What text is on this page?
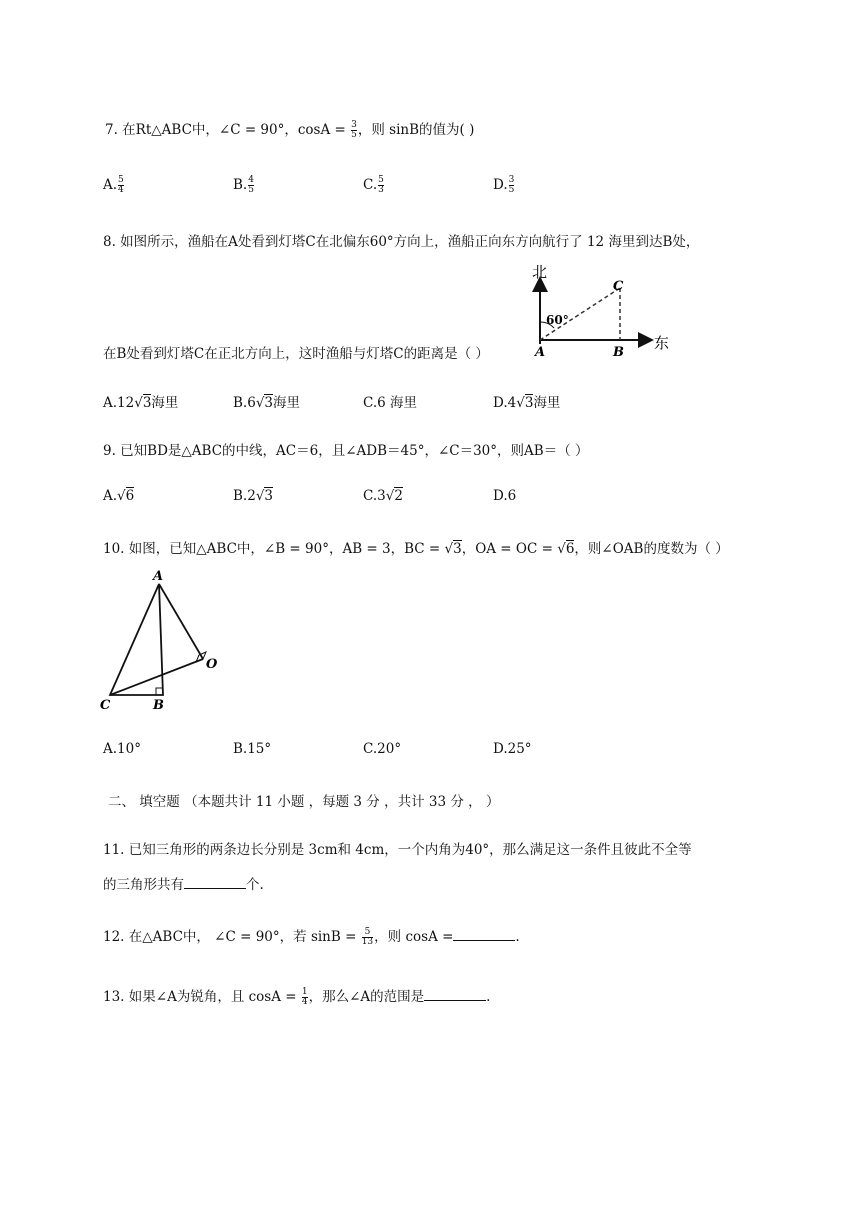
7. 在Rt△ABC中，∠C = 90°，$\cos A = \frac{3}{5}$ ，则 sinB的值为( )
A. $\frac{5}{4}$	B. $\frac{4}{5}$	C. $\frac{5}{3}$	D. $\frac{3}{5}$
8. 如图所示，渔船在A处看到灯塔C在北偏东60°方向上，渔船正向东方向航行了 12 海里到达B处，
北
东
60°
C
A	B
在B处看到灯塔C在正北方向上，这时渔船与灯塔C的距离是（ ）
A.12√3海里	B.6√3海里	C.6 海里	D.4√3海里
9. 已知BD是△ABC的中线，AC＝6，且∠ADB＝45°，∠C＝30°，则AB＝（ ）
A.√6	B.2√3	C.3√2	D.6
10. 如图，已知△ABC中，∠B = 90°，AB = 3，BC = √3，OA = OC = √6，则∠OAB的度数为（ ）
A
C	B
O
A.10°	B.15°	C.20°	D.25°
二、 填空题 （本题共计 11 小题 ，每题 3 分 ，共计 33 分 ， ）
11. 已知三角形的两条边长分别是 3cm和 4cm，一个内角为40°，那么满足这一条件且彼此不全等
的三角形共有	个.
12. 在△ABC中， ∠C = 90°，若 $\sin B = \frac{5}{13}$ ，则 cosA =	.
13. 如果∠A为锐角，且 $\cos A = \frac{1}{4}$ ，那么∠A的范围是	.
